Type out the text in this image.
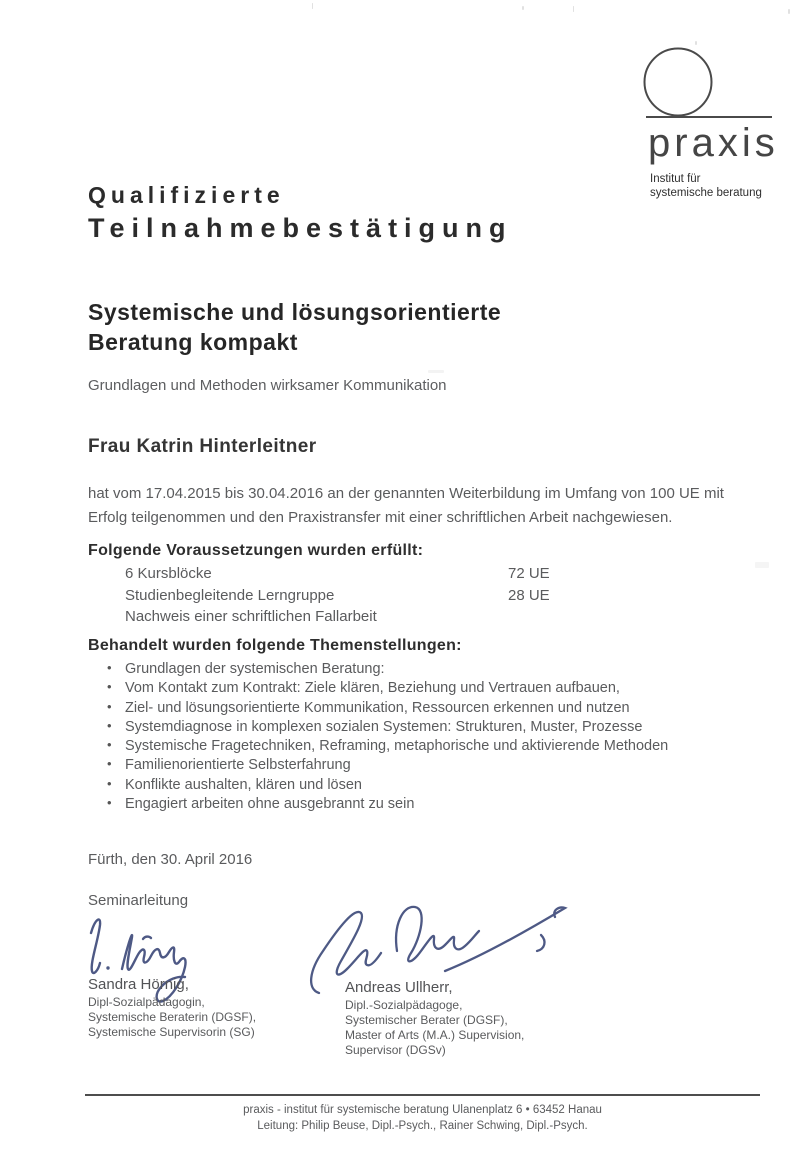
praxis
Institut für
systemische beratung
Qualifizierte
Teilnahmebestätigung
Systemische und lösungsorientierte
Beratung kompakt
Grundlagen und Methoden wirksamer Kommunikation
Frau Katrin Hinterleitner
hat vom 17.04.2015 bis 30.04.2016 an der genannten Weiterbildung im Umfang von 100 UE mit
Erfolg teilgenommen und den Praxistransfer mit einer schriftlichen Arbeit nachgewiesen.
Folgende Voraussetzungen wurden erfüllt:
6 Kursblöcke	72 UE
Studienbegleitende Lerngruppe	28 UE
Nachweis einer schriftlichen Fallarbeit
Behandelt wurden folgende Themenstellungen:
• Grundlagen der systemischen Beratung:
• Vom Kontakt zum Kontrakt: Ziele klären, Beziehung und Vertrauen aufbauen,
• Ziel- und lösungsorientierte Kommunikation, Ressourcen erkennen und nutzen
• Systemdiagnose in komplexen sozialen Systemen: Strukturen, Muster, Prozesse
• Systemische Fragetechniken, Reframing, metaphorische und aktivierende Methoden
• Familienorientierte Selbsterfahrung
• Konflikte aushalten, klären und lösen
• Engagiert arbeiten ohne ausgebrannt zu sein
Fürth, den 30. April 2016
Seminarleitung
Sandra Hörnig,
Dipl-Sozialpädagogin,
Systemische Beraterin (DGSF),
Systemische Supervisorin (SG)
Andreas Ullherr,
Dipl.-Sozialpädagoge,
Systemischer Berater (DGSF),
Master of Arts (M.A.) Supervision,
Supervisor (DGSv)
praxis - institut für systemische beratung Ulanenplatz 6 • 63452 Hanau
Leitung: Philip Beuse, Dipl.-Psych., Rainer Schwing, Dipl.-Psych.
